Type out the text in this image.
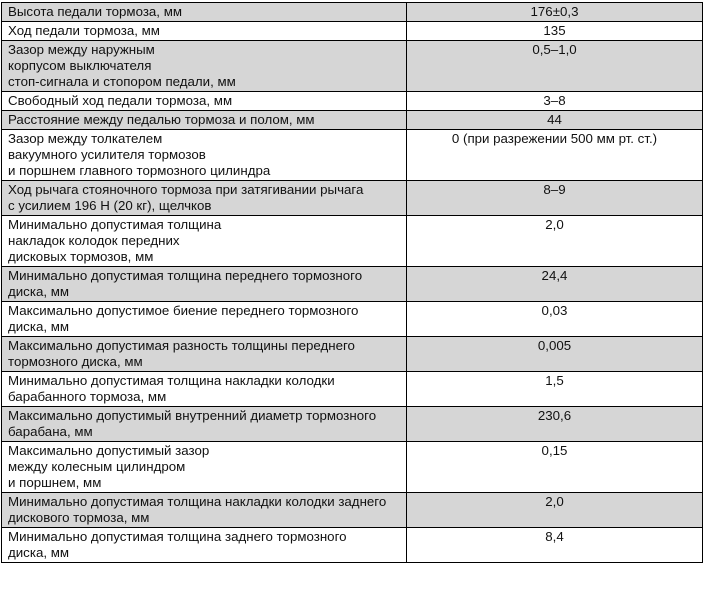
Высота педали тормоза, мм	176±0,3
Ход педали тормоза, мм	135
Зазор между наружным
корпусом выключателя
стоп-сигнала и стопором педали, мм	0,5–1,0
Свободный ход педали тормоза, мм	3–8
Расстояние между педалью тормоза и полом, мм	44
Зазор между толкателем
вакуумного усилителя тормозов
и поршнем главного тормозного цилиндра	0 (при разрежении 500 мм рт. ст.)
Ход рычага стояночного тормоза при затягивании рычага
с усилием 196 Н (20 кг), щелчков	8–9
Минимально допустимая толщина
накладок колодок передних
дисковых тормозов, мм	2,0
Минимально допустимая толщина переднего тормозного
диска, мм	24,4
Максимально допустимое биение переднего тормозного
диска, мм	0,03
Максимально допустимая разность толщины переднего
тормозного диска, мм	0,005
Минимально допустимая толщина накладки колодки
барабанного тормоза, мм	1,5
Максимально допустимый внутренний диаметр тормозного
барабана, мм	230,6
Максимально допустимый зазор
между колесным цилиндром
и поршнем, мм	0,15
Минимально допустимая толщина накладки колодки заднего
дискового тормоза, мм	2,0
Минимально допустимая толщина заднего тормозного
диска, мм	8,4
